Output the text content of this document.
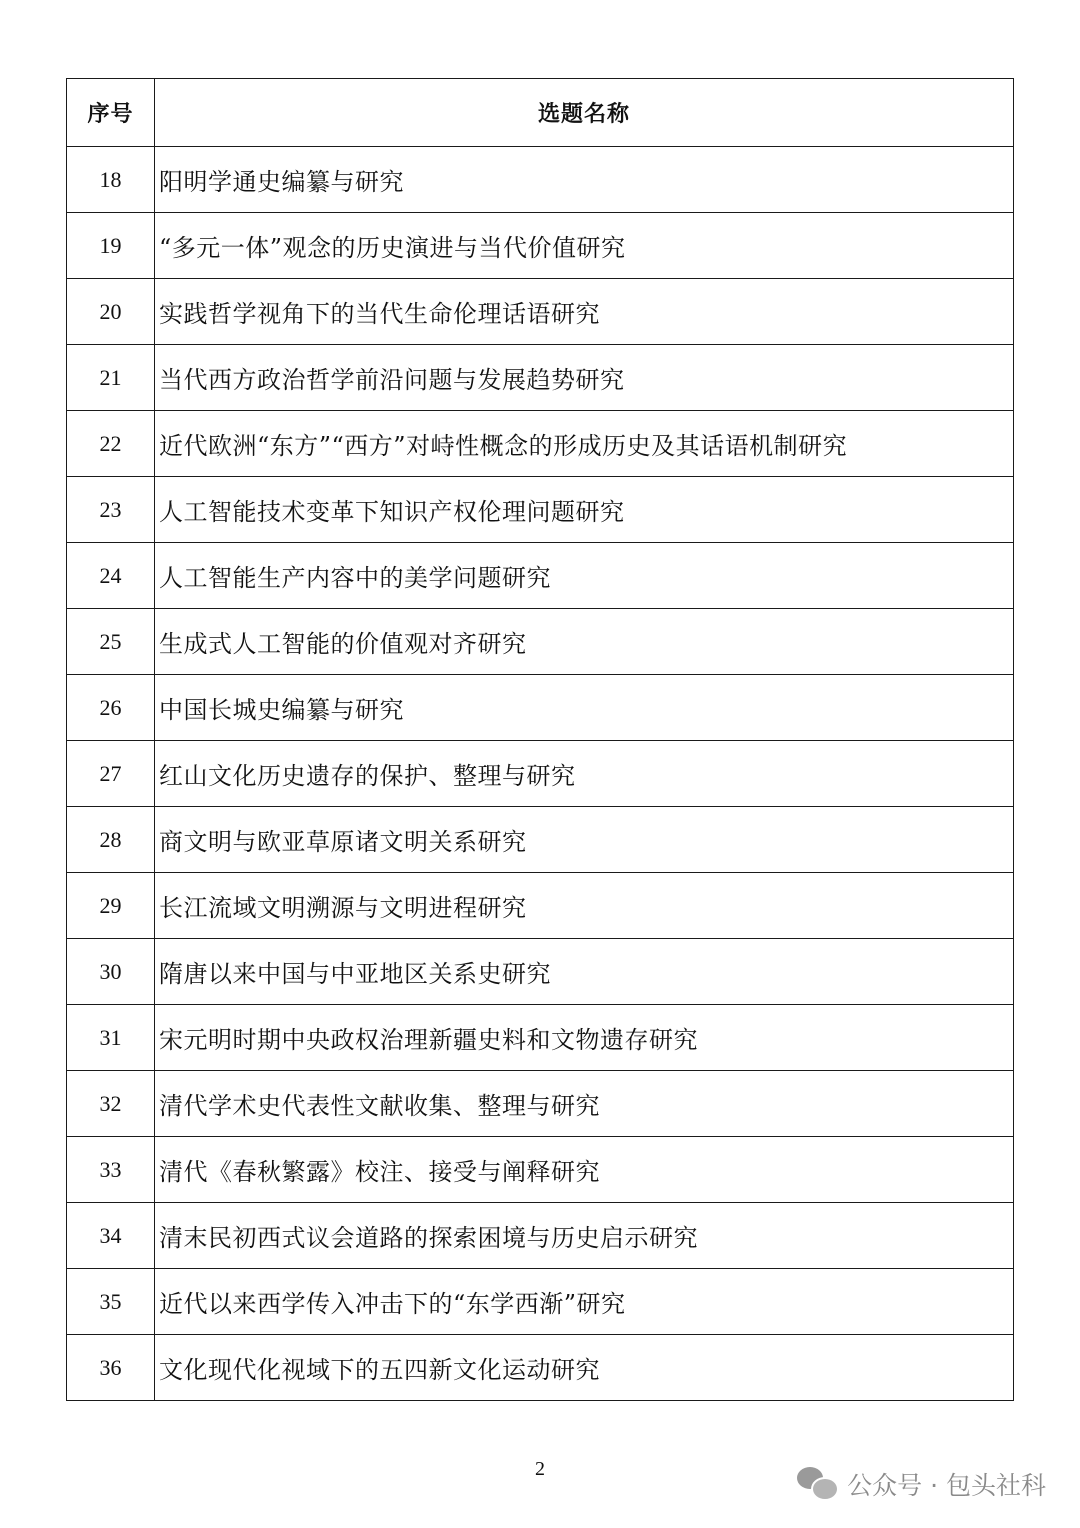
序号	选题名称
18	阳明学通史编纂与研究
19	“多元一体”观念的历史演进与当代价值研究
20	实践哲学视角下的当代生命伦理话语研究
21	当代西方政治哲学前沿问题与发展趋势研究
22	近代欧洲“东方”“西方”对峙性概念的形成历史及其话语机制研究
23	人工智能技术变革下知识产权伦理问题研究
24	人工智能生产内容中的美学问题研究
25	生成式人工智能的价值观对齐研究
26	中国长城史编纂与研究
27	红山文化历史遗存的保护、整理与研究
28	商文明与欧亚草原诸文明关系研究
29	长江流域文明溯源与文明进程研究
30	隋唐以来中国与中亚地区关系史研究
31	宋元明时期中央政权治理新疆史料和文物遗存研究
32	清代学术史代表性文献收集、整理与研究
33	清代《春秋繁露》校注、接受与阐释研究
34	清末民初西式议会道路的探索困境与历史启示研究
35	近代以来西学传入冲击下的“东学西渐”研究
36	文化现代化视域下的五四新文化运动研究
2
公众号 · 包头社科
